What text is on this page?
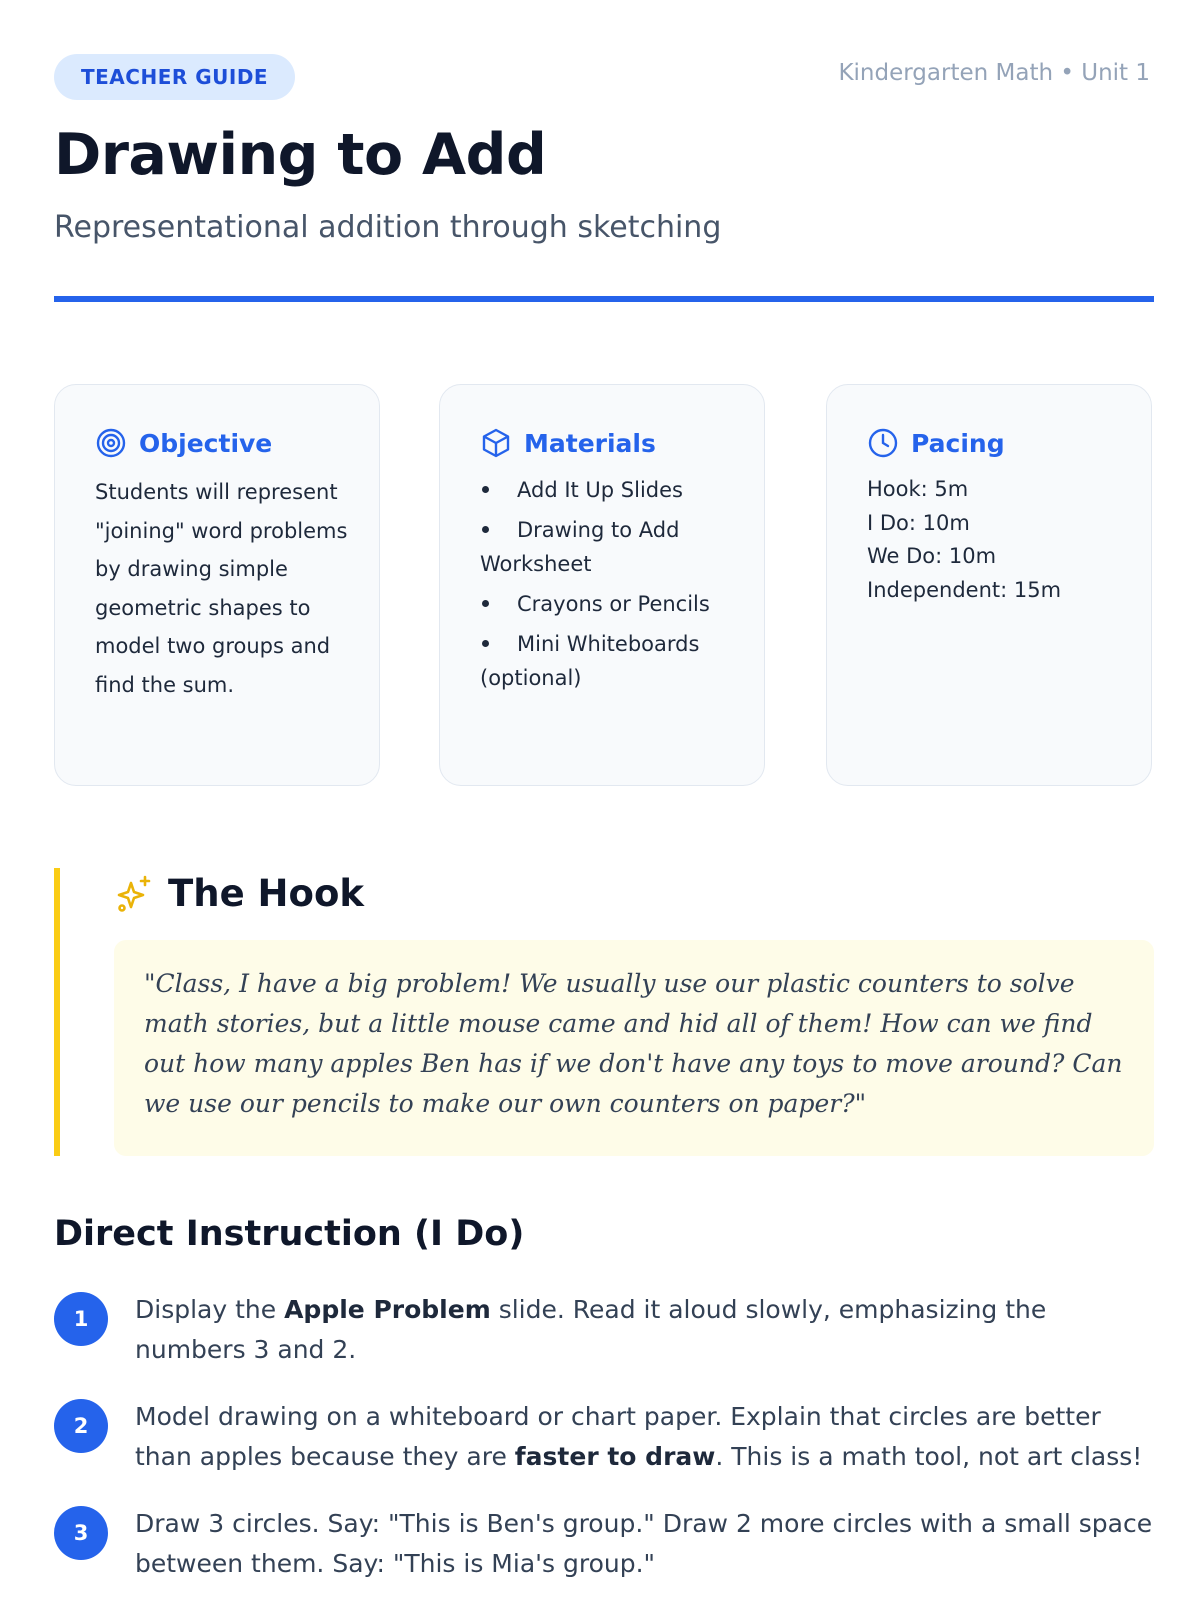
TEACHER GUIDE	Kindergarten Math • Unit 1
Drawing to Add
Representational addition through sketching
Objective
Students will represent "joining" word problems by drawing simple geometric shapes to model two groups and find the sum.
Materials
Add It Up Slides
Drawing to Add Worksheet
Crayons or Pencils
Mini Whiteboards (optional)
Pacing
Hook: 5m
I Do: 10m
We Do: 10m
Independent: 15m
The Hook
"Class, I have a big problem! We usually use our plastic counters to solve math stories, but a little mouse came and hid all of them! How can we find out how many apples Ben has if we don't have any toys to move around? Can we use our pencils to make our own counters on paper?"
Direct Instruction (I Do)
1	Display the Apple Problem slide. Read it aloud slowly, emphasizing the numbers 3 and 2.
2	Model drawing on a whiteboard or chart paper. Explain that circles are better than apples because they are faster to draw. This is a math tool, not art class!
3	Draw 3 circles. Say: "This is Ben's group." Draw 2 more circles with a small space between them. Say: "This is Mia's group."
